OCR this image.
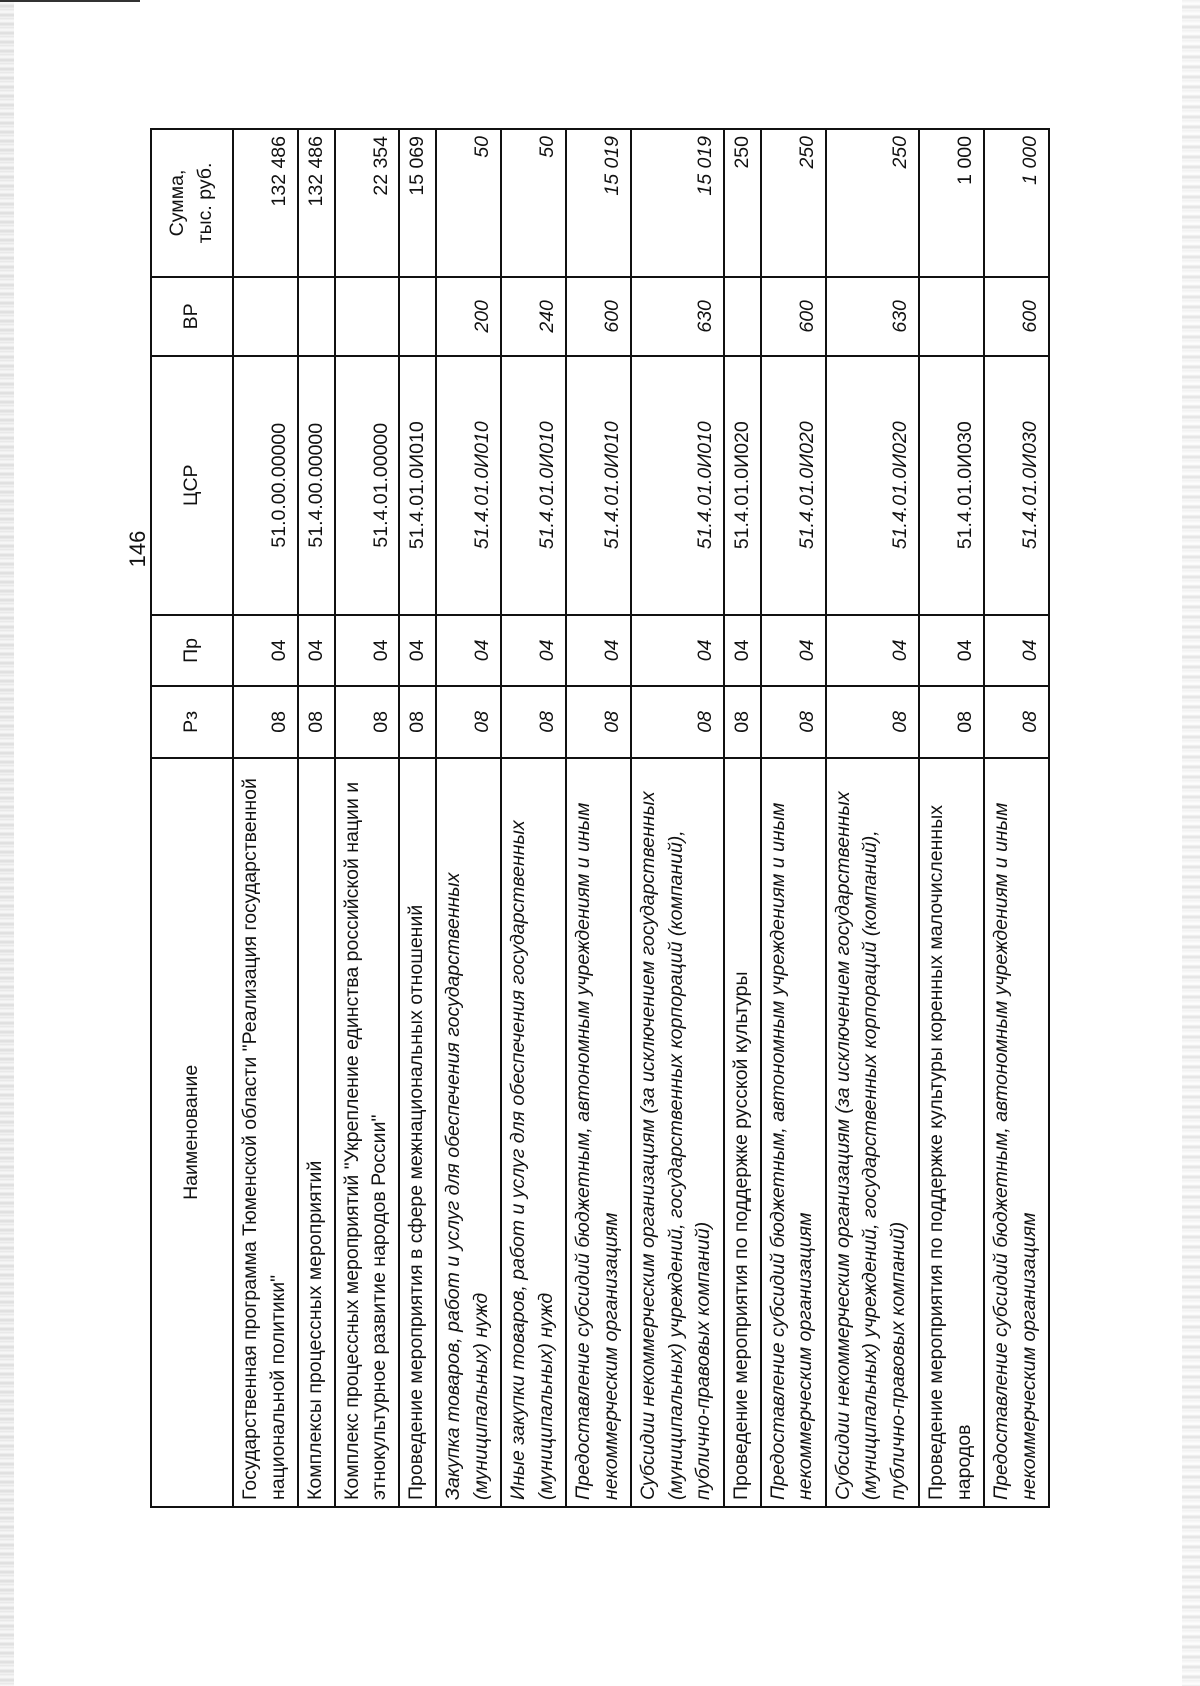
146
Наименование	Рз	Пр	ЦСР	ВР	Сумма, тыс. руб.
Государственная программа Тюменской области "Реализация государственной национальной политики"	08	04	51.0.00.00000		132 486
Комплексы процессных мероприятий	08	04	51.4.00.00000		132 486
Комплекс процессных мероприятий "Укрепление единства российской нации и этнокультурное развитие народов России"	08	04	51.4.01.00000		22 354
Проведение мероприятия в сфере межнациональных отношений	08	04	51.4.01.0И010		15 069
Закупка товаров, работ и услуг для обеспечения государственных (муниципальных) нужд	08	04	51.4.01.0И010	200	50
Иные закупки товаров, работ и услуг для обеспечения государственных (муниципальных) нужд	08	04	51.4.01.0И010	240	50
Предоставление субсидий бюджетным, автономным учреждениям и иным некоммерческим организациям	08	04	51.4.01.0И010	600	15 019
Субсидии некоммерческим организациям (за исключением государственных (муниципальных) учреждений, государственных корпораций (компаний), публично-правовых компаний)	08	04	51.4.01.0И010	630	15 019
Проведение мероприятия по поддержке русской культуры	08	04	51.4.01.0И020		250
Предоставление субсидий бюджетным, автономным учреждениям и иным некоммерческим организациям	08	04	51.4.01.0И020	600	250
Субсидии некоммерческим организациям (за исключением государственных (муниципальных) учреждений, государственных корпораций (компаний), публично-правовых компаний)	08	04	51.4.01.0И020	630	250
Проведение мероприятия по поддержке культуры коренных малочисленных народов	08	04	51.4.01.0И030		1 000
Предоставление субсидий бюджетным, автономным учреждениям и иным некоммерческим организациям	08	04	51.4.01.0И030	600	1 000
